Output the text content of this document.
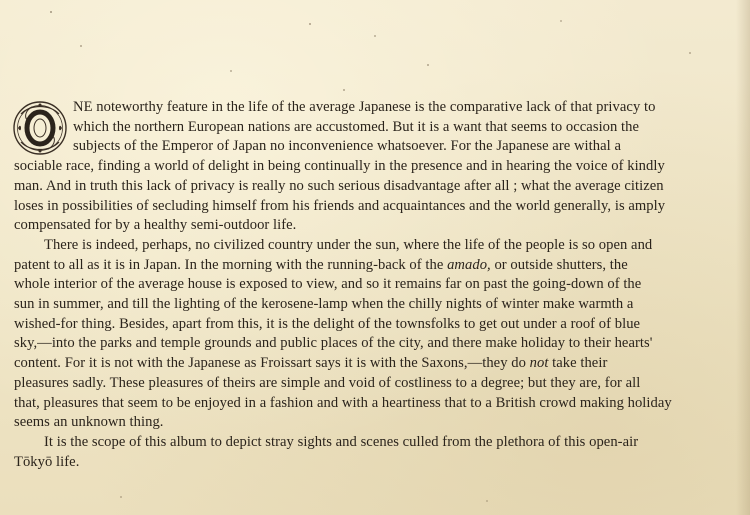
NE noteworthy feature in the life of the average Japanese is the comparative lack of that privacy to
which the northern European nations are accustomed. But it is a want that seems to occasion the
subjects of the Emperor of Japan no inconvenience whatsoever. For the Japanese are withal a
sociable race, finding a world of delight in being continually in the presence and in hearing the voice of kindly
man. And in truth this lack of privacy is really no such serious disadvantage after all ; what the average citizen
loses in possibilities of secluding himself from his friends and acquaintances and the world generally, is amply
compensated for by a healthy semi-outdoor life.

There is indeed, perhaps, no civilized country under the sun, where the life of the people is so open and
patent to all as it is in Japan. In the morning with the running-back of the amado, or outside shutters, the
whole interior of the average house is exposed to view, and so it remains far on past the going-down of the
sun in summer, and till the lighting of the kerosene-lamp when the chilly nights of winter make warmth a
wished-for thing. Besides, apart from this, it is the delight of the townsfolks to get out under a roof of blue
sky,—into the parks and temple grounds and public places of the city, and there make holiday to their hearts'
content. For it is not with the Japanese as Froissart says it is with the Saxons,—they do not take their
pleasures sadly. These pleasures of theirs are simple and void of costliness to a degree; but they are, for all
that, pleasures that seem to be enjoyed in a fashion and with a heartiness that to a British crowd making holiday
seems an unknown thing.

It is the scope of this album to depict stray sights and scenes culled from the plethora of this open-air
Tōkyō life.
